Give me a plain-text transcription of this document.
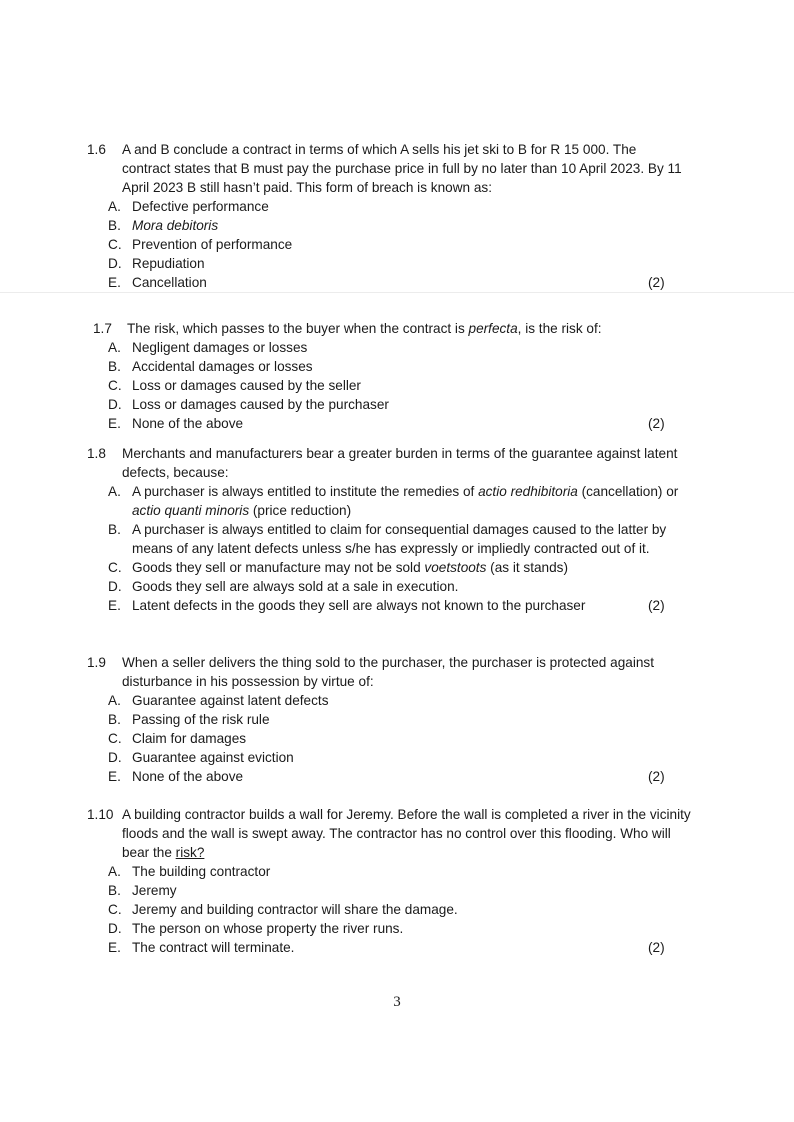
1.6 A and B conclude a contract in terms of which A sells his jet ski to B for R 15 000. The contract states that B must pay the purchase price in full by no later than 10 April 2023. By 11 April 2023 B still hasn’t paid. This form of breach is known as:
A. Defective performance
B. Mora debitoris
C. Prevention of performance
D. Repudiation
E. Cancellation	(2)
1.7 The risk, which passes to the buyer when the contract is perfecta, is the risk of:
A. Negligent damages or losses
B. Accidental damages or losses
C. Loss or damages caused by the seller
D. Loss or damages caused by the purchaser
E. None of the above	(2)
1.8 Merchants and manufacturers bear a greater burden in terms of the guarantee against latent defects, because:
A. A purchaser is always entitled to institute the remedies of actio redhibitoria (cancellation) or actio quanti minoris (price reduction)
B. A purchaser is always entitled to claim for consequential damages caused to the latter by means of any latent defects unless s/he has expressly or impliedly contracted out of it.
C. Goods they sell or manufacture may not be sold voetstoots (as it stands)
D. Goods they sell are always sold at a sale in execution.
E. Latent defects in the goods they sell are always not known to the purchaser	(2)
1.9 When a seller delivers the thing sold to the purchaser, the purchaser is protected against disturbance in his possession by virtue of:
A. Guarantee against latent defects
B. Passing of the risk rule
C. Claim for damages
D. Guarantee against eviction
E. None of the above	(2)
1.10 A building contractor builds a wall for Jeremy. Before the wall is completed a river in the vicinity floods and the wall is swept away. The contractor has no control over this flooding. Who will bear the risk?
A. The building contractor
B. Jeremy
C. Jeremy and building contractor will share the damage.
D. The person on whose property the river runs.
E. The contract will terminate.	(2)
3
